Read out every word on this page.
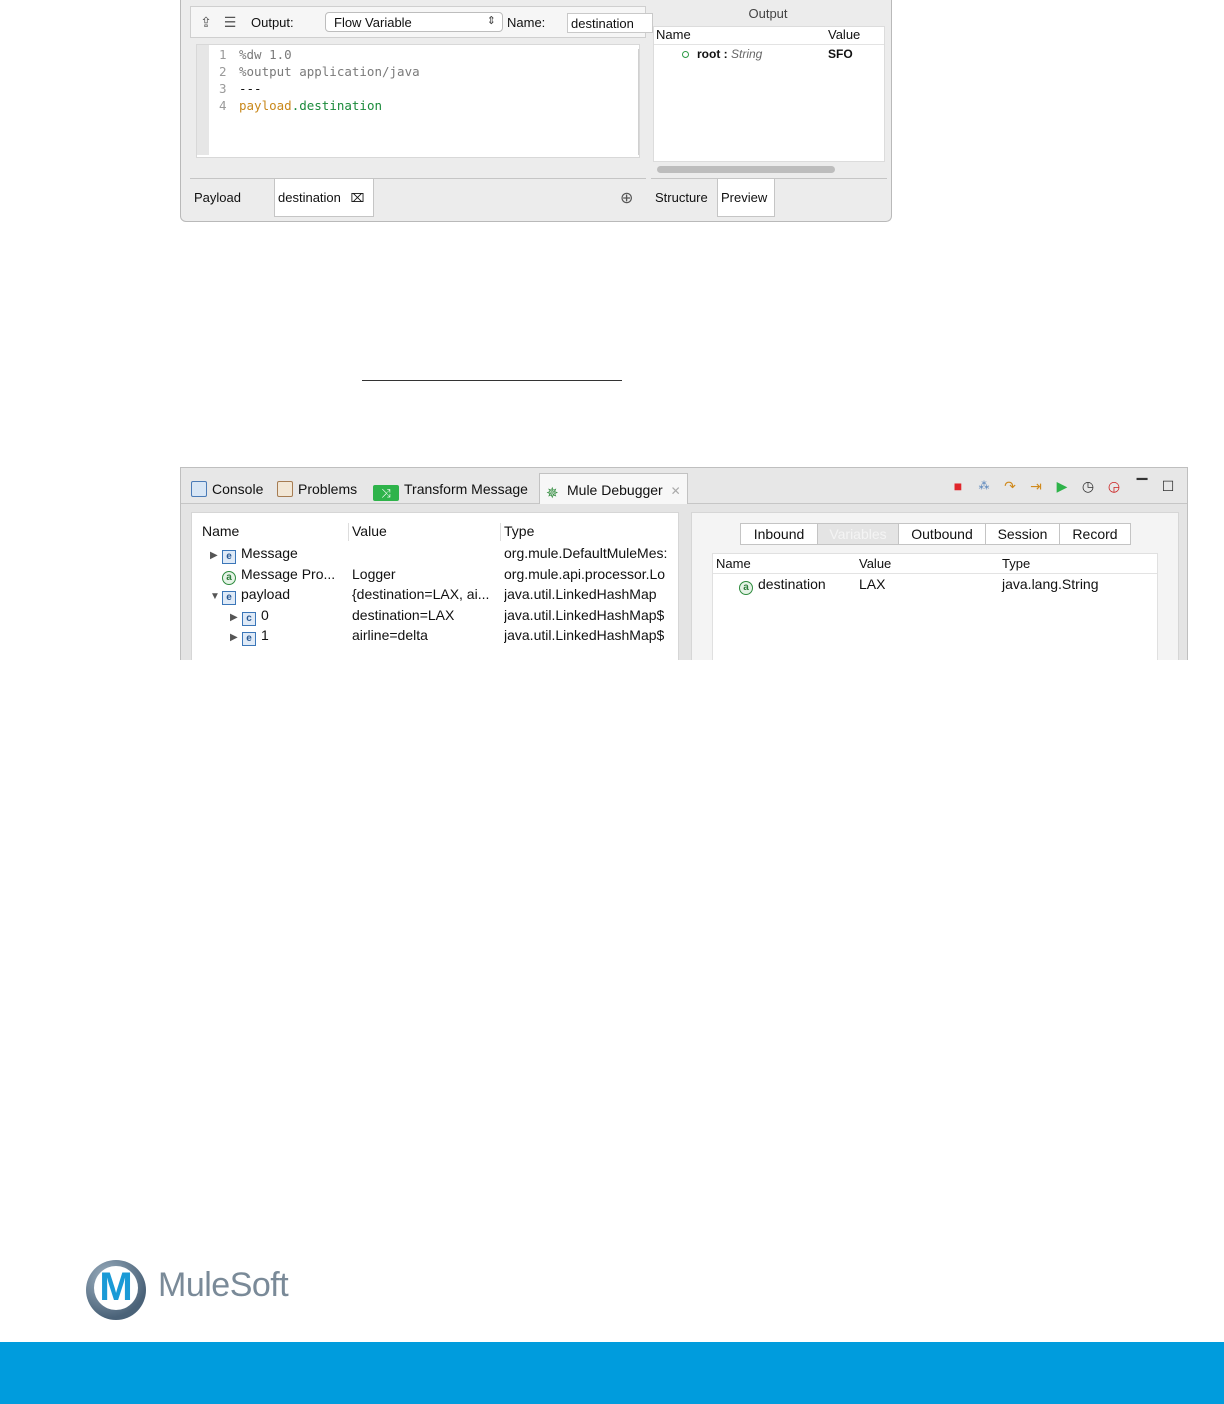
⇪ ☰ Output:	Flow Variable	⇕ Name:	destination
1 %dw 1.0
2 %output application/java
3 ---
4 payload.destination
Payload	destination ⌧	⊕
Output
Name	Value
root : String	SFO
Structure	Preview
Console	Problems	⤨ Transform Message	✵ Mule Debugger ✕	■	⁂ ↷ ⇥ ▶ ◷ ◶ ▔ ☐
Name	Value	Type
▶ e Message	org.mule.DefaultMuleMes:
a Message Pro... Logger	org.mule.api.processor.Lo
▼ e payload	{destination=LAX, ai... java.util.LinkedHashMap
▶ c 0	destination=LAX	java.util.LinkedHashMap$
▶ e 1	airline=delta	java.util.LinkedHashMap$
Inbound	Variables	Outbound	Session	Record
Name	Value	Type
a destination LAX	java.lang.String
M MuleSoft
